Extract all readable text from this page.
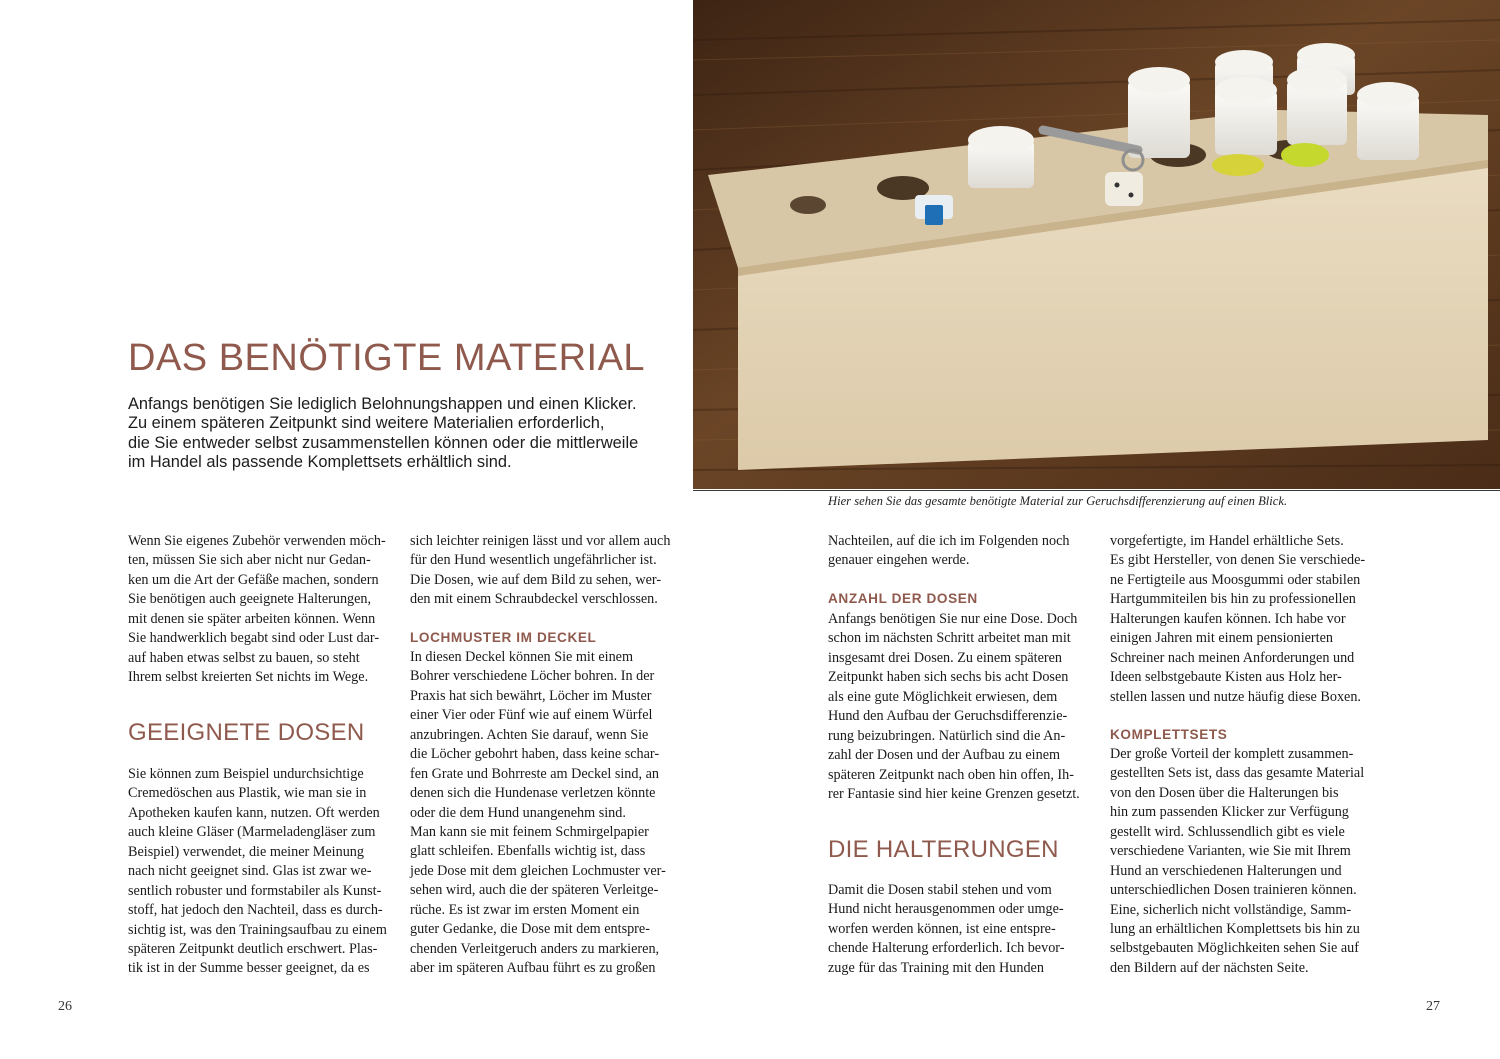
DAS BENÖTIGTE MATERIAL
Anfangs benötigen Sie lediglich Belohnungshappen und einen Klicker.
Zu einem späteren Zeitpunkt sind weitere Materialien erforderlich,
die Sie entweder selbst zusammenstellen können oder die mittlerweile
im Handel als passende Komplettsets erhältlich sind.
Wenn Sie eigenes Zubehör verwenden möch-
ten, müssen Sie sich aber nicht nur Gedan-
ken um die Art der Gefäße machen, sondern
Sie benötigen auch geeignete Halterungen,
mit denen sie später arbeiten können. Wenn
Sie handwerklich begabt sind oder Lust dar-
auf haben etwas selbst zu bauen, so steht
Ihrem selbst kreierten Set nichts im Wege.
GEEIGNETE DOSEN
Sie können zum Beispiel undurchsichtige
Cremedöschen aus Plastik, wie man sie in
Apotheken kaufen kann, nutzen. Oft werden
auch kleine Gläser (Marmeladengläser zum
Beispiel) verwendet, die meiner Meinung
nach nicht geeignet sind. Glas ist zwar we-
sentlich robuster und formstabiler als Kunst-
stoff, hat jedoch den Nachteil, dass es durch-
sichtig ist, was den Trainingsaufbau zu einem
späteren Zeitpunkt deutlich erschwert. Plas-
tik ist in der Summe besser geeignet, da es
sich leichter reinigen lässt und vor allem auch
für den Hund wesentlich ungefährlicher ist.
Die Dosen, wie auf dem Bild zu sehen, wer-
den mit einem Schraubdeckel verschlossen.
LOCHMUSTER IM DECKEL
In diesen Deckel können Sie mit einem
Bohrer verschiedene Löcher bohren. In der
Praxis hat sich bewährt, Löcher im Muster
einer Vier oder Fünf wie auf einem Würfel
anzubringen. Achten Sie darauf, wenn Sie
die Löcher gebohrt haben, dass keine schar-
fen Grate und Bohrreste am Deckel sind, an
denen sich die Hundenase verletzen könnte
oder die dem Hund unangenehm sind.
Man kann sie mit feinem Schmirgelpapier
glatt schleifen. Ebenfalls wichtig ist, dass
jede Dose mit dem gleichen Lochmuster ver-
sehen wird, auch die der späteren Verleitge-
rüche. Es ist zwar im ersten Moment ein
guter Gedanke, die Dose mit dem entspre-
chenden Verleitgeruch anders zu markieren,
aber im späteren Aufbau führt es zu großen
26
Hier sehen Sie das gesamte benötigte Material zur Geruchsdifferenzierung auf einen Blick.
Nachteilen, auf die ich im Folgenden noch
genauer eingehen werde.
ANZAHL DER DOSEN
Anfangs benötigen Sie nur eine Dose. Doch
schon im nächsten Schritt arbeitet man mit
insgesamt drei Dosen. Zu einem späteren
Zeitpunkt haben sich sechs bis acht Dosen
als eine gute Möglichkeit erwiesen, dem
Hund den Aufbau der Geruchsdifferenzie-
rung beizubringen. Natürlich sind die An-
zahl der Dosen und der Aufbau zu einem
späteren Zeitpunkt nach oben hin offen, Ih-
rer Fantasie sind hier keine Grenzen gesetzt.
DIE HALTERUNGEN
Damit die Dosen stabil stehen und vom
Hund nicht herausgenommen oder umge-
worfen werden können, ist eine entspre-
chende Halterung erforderlich. Ich bevor-
zuge für das Training mit den Hunden
vorgefertigte, im Handel erhältliche Sets.
Es gibt Hersteller, von denen Sie verschiede-
ne Fertigteile aus Moosgummi oder stabilen
Hartgummiteilen bis hin zu professionellen
Halterungen kaufen können. Ich habe vor
einigen Jahren mit einem pensionierten
Schreiner nach meinen Anforderungen und
Ideen selbstgebaute Kisten aus Holz her-
stellen lassen und nutze häufig diese Boxen.
KOMPLETTSETS
Der große Vorteil der komplett zusammen-
gestellten Sets ist, dass das gesamte Material
von den Dosen über die Halterungen bis
hin zum passenden Klicker zur Verfügung
gestellt wird. Schlussendlich gibt es viele
verschiedene Varianten, wie Sie mit Ihrem
Hund an verschiedenen Halterungen und
unterschiedlichen Dosen trainieren können.
Eine, sicherlich nicht vollständige, Samm-
lung an erhältlichen Komplettsets bis hin zu
selbstgebauten Möglichkeiten sehen Sie auf
den Bildern auf der nächsten Seite.
27
